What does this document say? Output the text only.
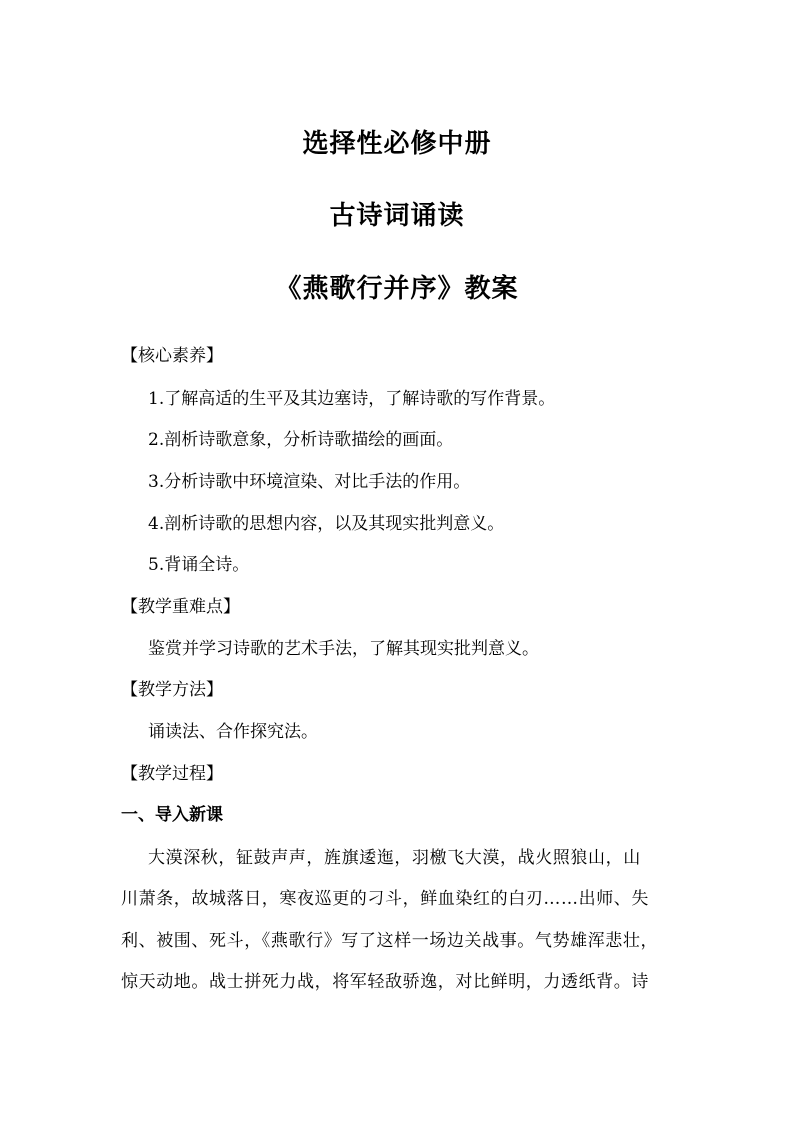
选择性必修中册
古诗词诵读
《燕歌行并序》教案
【核心素养】
1.了解高适的生平及其边塞诗，了解诗歌的写作背景。
2.剖析诗歌意象，分析诗歌描绘的画面。
3.分析诗歌中环境渲染、对比手法的作用。
4.剖析诗歌的思想内容，以及其现实批判意义。
5.背诵全诗。
【教学重难点】
鉴赏并学习诗歌的艺术手法，了解其现实批判意义。
【教学方法】
诵读法、合作探究法。
【教学过程】
一、导入新课
大漠深秋，钲鼓声声，旌旗逶迤，羽檄飞大漠，战火照狼山，山
川萧条，故城落日，寒夜巡更的刁斗，鲜血染红的白刃……出师、失
利、被围、死斗，《燕歌行》写了这样一场边关战事。气势雄浑悲壮，
惊天动地。战士拼死力战，将军轻敌骄逸，对比鲜明，力透纸背。诗
